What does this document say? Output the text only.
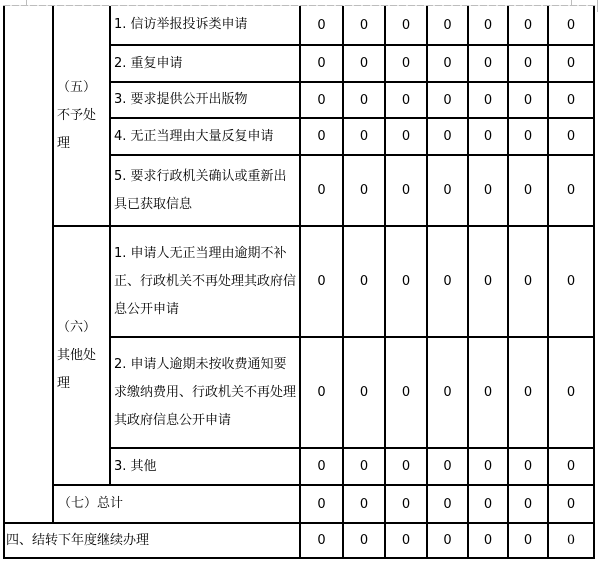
	（五）不予处理	1. 信访举报投诉类申请	0	0	0	0	0	0	0
		2. 重复申请	0	0	0	0	0	0	0
		3. 要求提供公开出版物	0	0	0	0	0	0	0
		4. 无正当理由大量反复申请	0	0	0	0	0	0	0
		5. 要求行政机关确认或重新出具已获取信息	0	0	0	0	0	0	0
	（六）其他处理	1. 申请人无正当理由逾期不补正、行政机关不再处理其政府信息公开申请	0	0	0	0	0	0	0
		2. 申请人逾期未按收费通知要求缴纳费用、行政机关不再处理其政府信息公开申请	0	0	0	0	0	0	0
		3. 其他	0	0	0	0	0	0	0
	（七）总计		0	0	0	0	0	0	0
四、结转下年度继续办理			0	0	0	0	0	0	0
